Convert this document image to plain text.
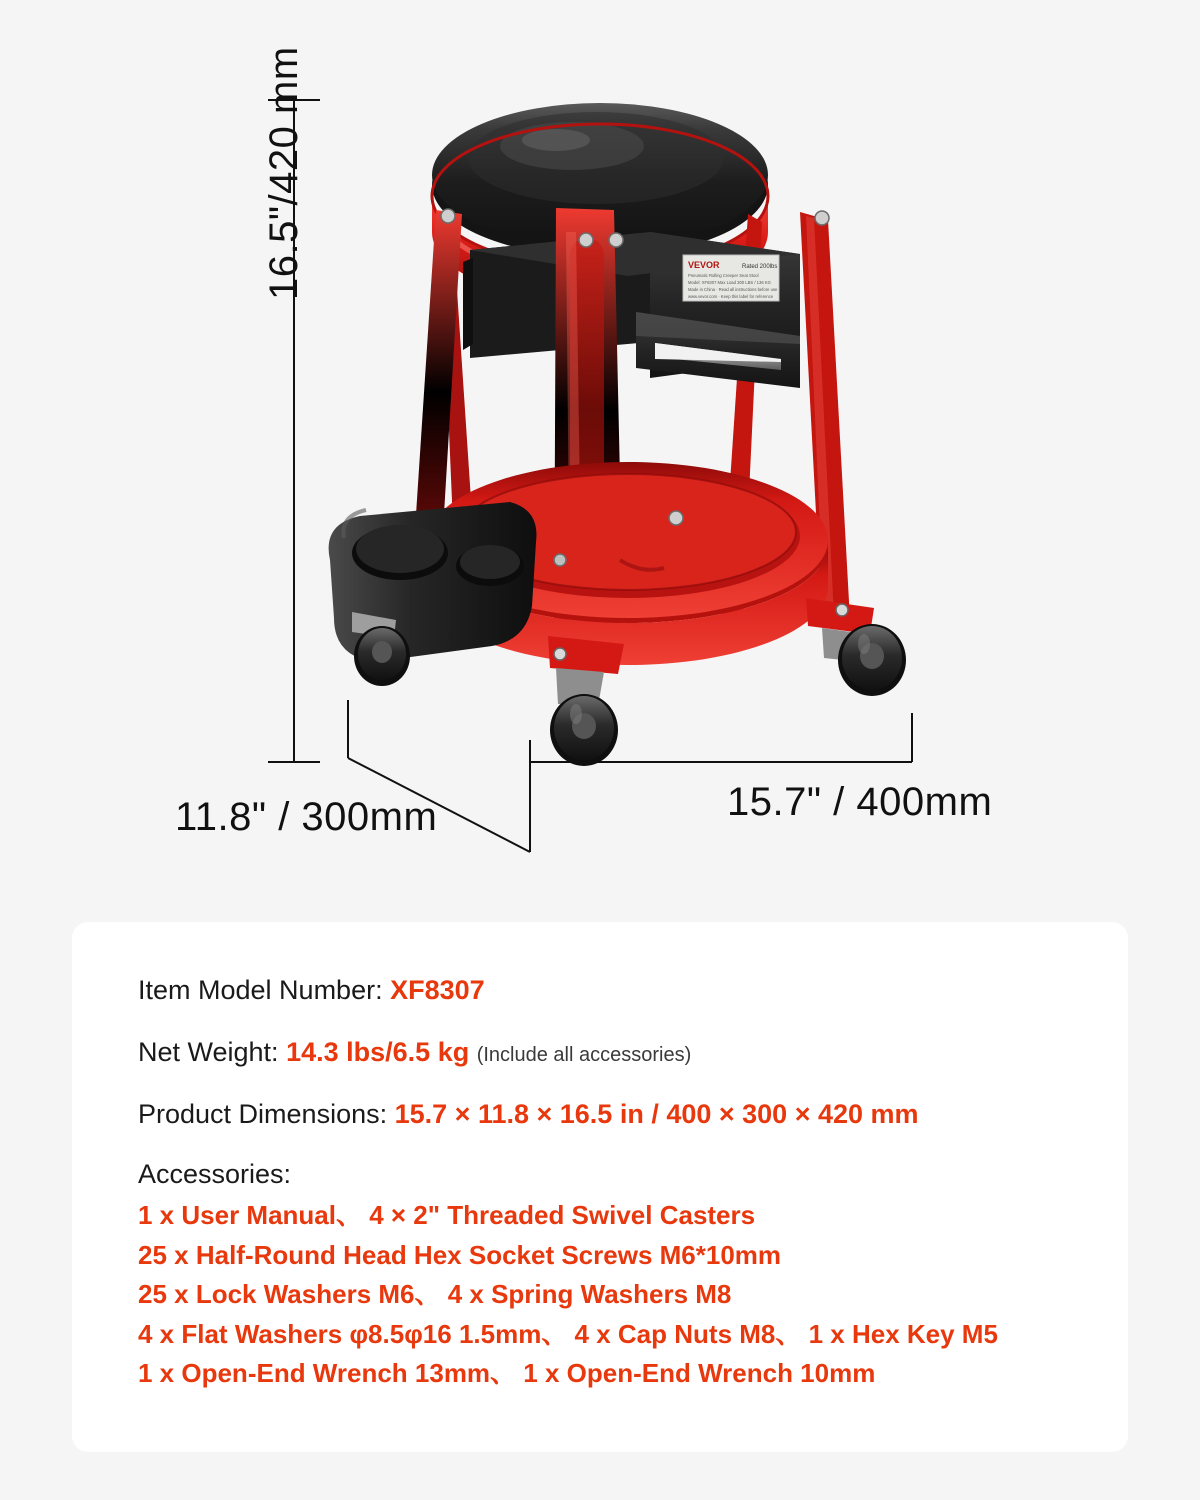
VEVOR	Rated 200lbs
Pneumatic Rolling Creeper Seat Stool
Model: XF8307 Max Load 300 LBS / 136 KG
Made in China · Read all instructions before use
www.vevor.com · Keep this label for reference
16.5"/420 mm
11.8" / 300mm	15.7" / 400mm
Item Model Number: XF8307
Net Weight: 14.3 lbs/6.5 kg (Include all accessories)
Product Dimensions: 15.7 × 11.8 × 16.5 in / 400 × 300 × 420 mm
Accessories:
1 x User Manual、 4 × 2" Threaded Swivel Casters
25 x Half-Round Head Hex Socket Screws M6*10mm
25 x Lock Washers M6、 4 x Spring Washers M8
4 x Flat Washers φ8.5φ16 1.5mm、 4 x Cap Nuts M8、 1 x Hex Key M5
1 x Open-End Wrench 13mm、 1 x Open-End Wrench 10mm
